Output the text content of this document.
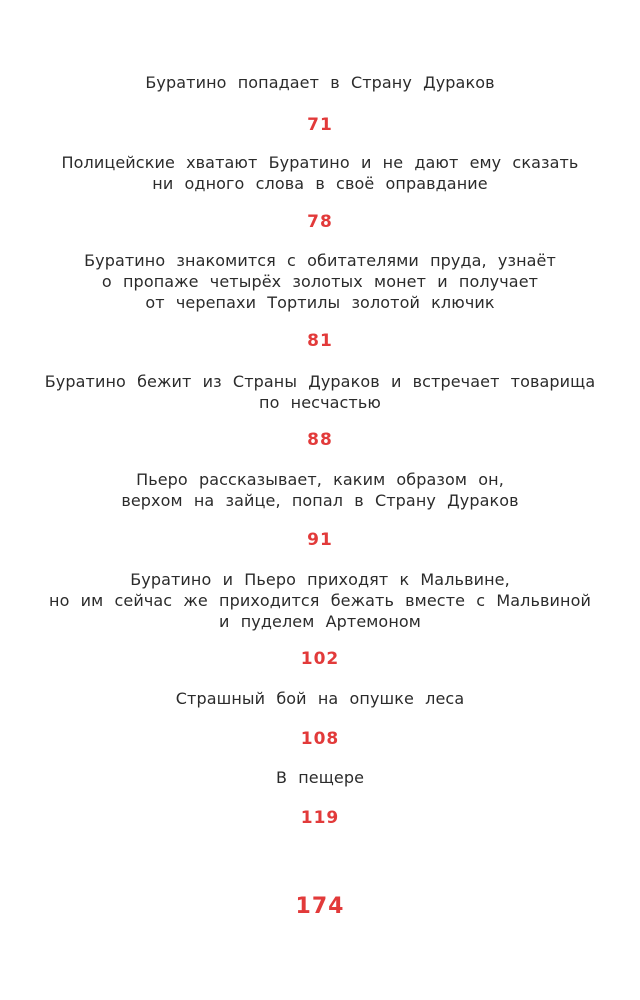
Буратино попадает в Страну Дураков
71
Полицейские хватают Буратино и не дают ему сказать
ни одного слова в своё оправдание
78
Буратино знакомится с обитателями пруда, узнаёт
о пропаже четырёх золотых монет и получает
от черепахи Тортилы золотой ключик
81
Буратино бежит из Страны Дураков и встречает товарища
по несчастью
88
Пьеро рассказывает, каким образом он,
верхом на зайце, попал в Страну Дураков
91
Буратино и Пьеро приходят к Мальвине,
но им сейчас же приходится бежать вместе с Мальвиной
и пуделем Артемоном
102
Страшный бой на опушке леса
108
В пещере
119
174
